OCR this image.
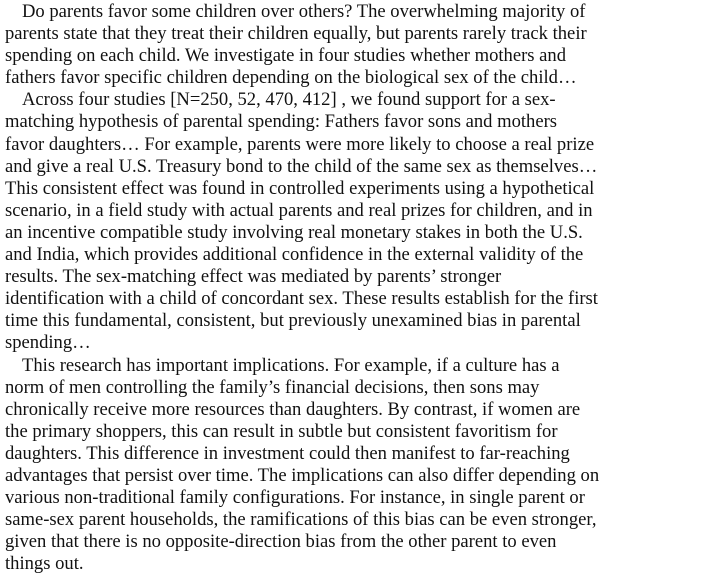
Do parents favor some children over others? The overwhelming majority of
parents state that they treat their children equally, but parents rarely track their
spending on each child. We investigate in four studies whether mothers and
fathers favor specific children depending on the biological sex of the child…

Across four studies [N=250, 52, 470, 412] , we found support for a sex-
matching hypothesis of parental spending: Fathers favor sons and mothers
favor daughters… For example, parents were more likely to choose a real prize
and give a real U.S. Treasury bond to the child of the same sex as themselves…
This consistent effect was found in controlled experiments using a hypothetical
scenario, in a field study with actual parents and real prizes for children, and in
an incentive compatible study involving real monetary stakes in both the U.S.
and India, which provides additional confidence in the external validity of the
results. The sex-matching effect was mediated by parents’ stronger
identification with a child of concordant sex. These results establish for the first
time this fundamental, consistent, but previously unexamined bias in parental
spending…

This research has important implications. For example, if a culture has a
norm of men controlling the family’s financial decisions, then sons may
chronically receive more resources than daughters. By contrast, if women are
the primary shoppers, this can result in subtle but consistent favoritism for
daughters. This difference in investment could then manifest to far-reaching
advantages that persist over time. The implications can also differ depending on
various non-traditional family configurations. For instance, in single parent or
same-sex parent households, the ramifications of this bias can be even stronger,
given that there is no opposite-direction bias from the other parent to even
things out.
